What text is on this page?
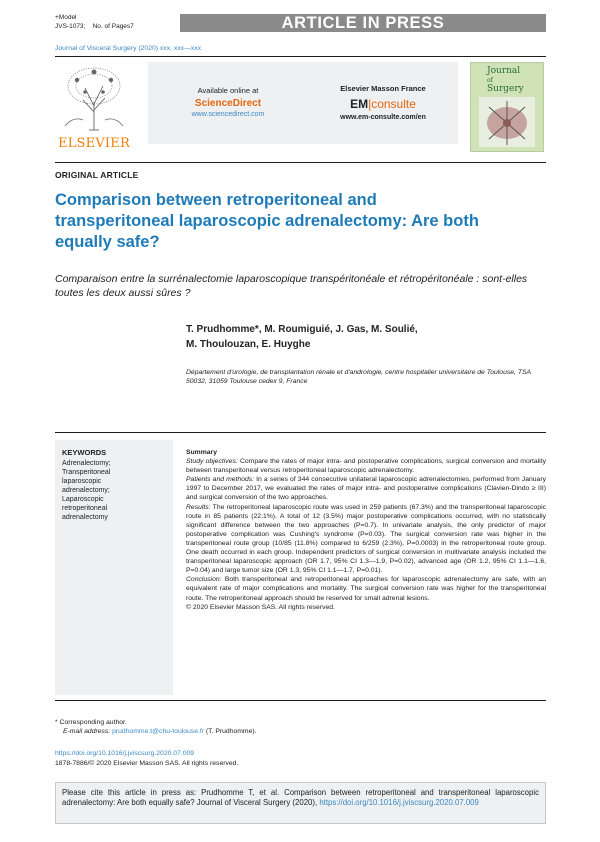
+Model
JVS-1073; No. of Pages7	ARTICLE IN PRESS
Journal of Visceral Surgery (2020) xxx, xxx—xxx
ELSEVIER
Available online at
ScienceDirect
www.sciencedirect.com
Elsevier Masson France
EM|consulte
www.em-consulte.com/en
Journal
of
Surgery
ORIGINAL ARTICLE
Comparison between retroperitoneal and transperitoneal laparoscopic adrenalectomy: Are both equally safe?
Comparaison entre la surrénalectomie laparoscopique transpéritonéale et rétropéritonéale : sont-elles toutes les deux aussi sûres ?
T. Prudhomme*, M. Roumiguié, J. Gas, M. Soulié,
M. Thoulouzan, E. Huyghe
Département d'urologie, de transplantation rénale et d'andrologie, centre hospitalier universitaire de Toulouse, TSA 50032, 31059 Toulouse cedex 9, France
KEYWORDS
Adrenalectomy;
Transperitoneal
laparoscopic
adrenalectomy;
Laparoscopic
retroperitoneal
adrenalectomy

Summary

Study objectives: Compare the rates of major intra- and postoperative complications, surgical conversion and mortality between transperitoneal versus retroperitoneal laparoscopic adrenalectomy.

Patients and methods: In a series of 344 consecutive unilateral laparoscopic adrenalectomies, performed from January 1997 to December 2017, we evaluated the rates of major intra- and postoperative complications (Clavien-Dindo ≥ III) and surgical conversion of the two approaches.

Results: The retroperitoneal laparoscopic route was used in 259 patients (67.3%) and the transperitoneal laparoscopic route in 85 patients (22.1%). A total of 12 (3.5%) major postoperative complications occurred, with no statistically significant difference between the two approaches (P=0.7). In univariate analysis, the only predictor of major postoperative complication was Cushing's syndrome (P=0.03). The surgical conversion rate was higher in the transperitoneal route group (10/85 (11.8%) compared to 6/259 (2.3%), P=0.0003) in the retroperitoneal route group. One death occurred in each group. Independent predictors of surgical conversion in multivariate analysis included the transperitoneal laparoscopic approach (OR 1.7, 95% CI 1.3—1.9, P=0.02), advanced age (OR 1.2, 95% CI 1.1—1.6, P=0.04) and large tumor size (OR 1.3, 95% CI 1.1—1.7, P=0.01).

Conclusion: Both transperitoneal and retroperitoneal approaches for laparoscopic adrenalectomy are safe, with an equivalent rate of major complications and mortality. The surgical conversion rate was higher for the transperitoneal route. The retroperitoneal approach should be reserved for small adrenal lesions.

© 2020 Elsevier Masson SAS. All rights reserved.

* Corresponding author.
E-mail address: prudhomme.t@chu-toulouse.fr (T. Prudhomme).
https://doi.org/10.1016/j.jviscsurg.2020.07.009
1878-7886/© 2020 Elsevier Masson SAS. All rights reserved.
Please cite this article in press as: Prudhomme T, et al. Comparison between retroperitoneal and transperitoneal laparoscopic adrenalectomy: Are both equally safe? Journal of Visceral Surgery (2020), https://doi.org/10.1016/j.jviscsurg.2020.07.009
